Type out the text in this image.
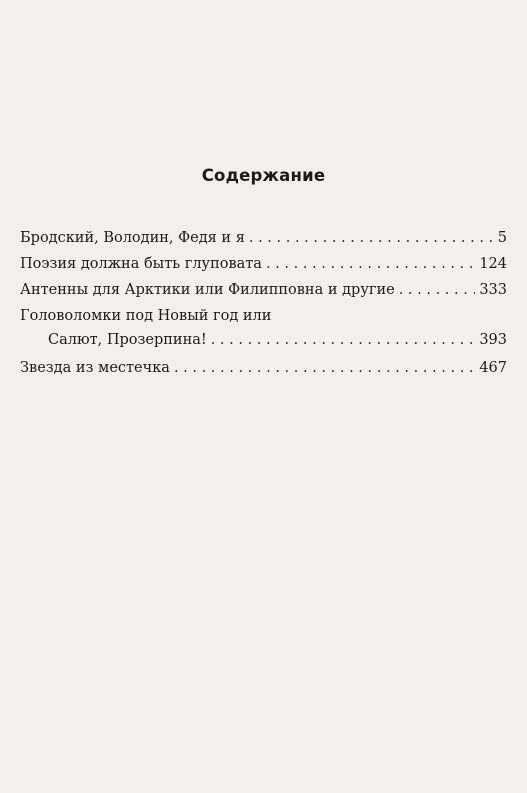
Содержание
Бродский, Володин, Федя и я . . .	5
Поэзия должна быть глуповата . . .	124
Антенны для Арктики или Филипповна и другие . . .	333
Головоломки под Новый год или
Салют, Прозерпина! . . .	393
Звезда из местечка . . .	467
